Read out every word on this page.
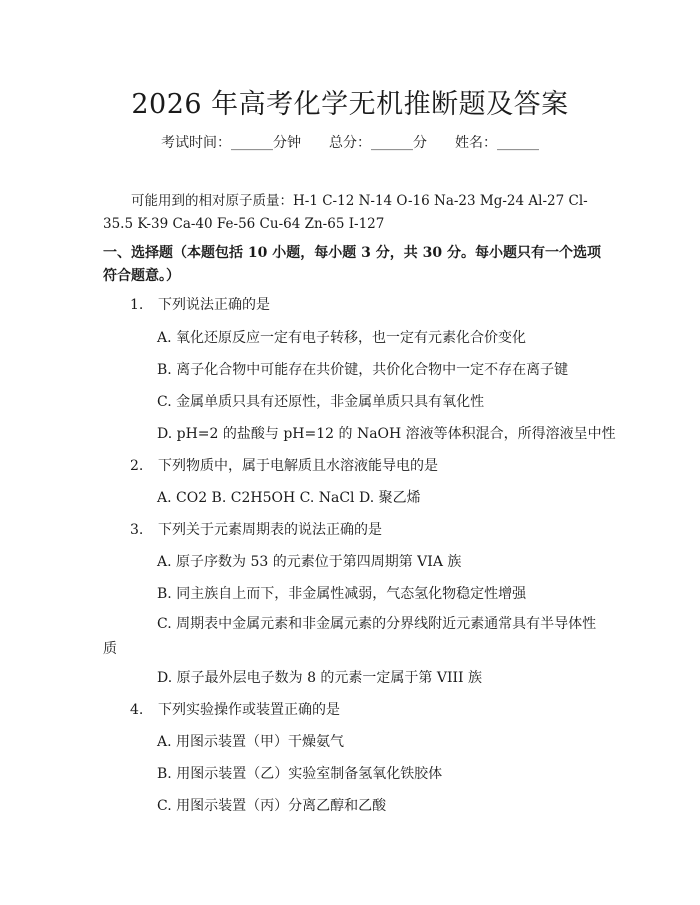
2026 年高考化学无机推断题及答案
考试时间：______分钟 总分：______分 姓名：______
可能用到的相对原子质量：H-1 C-12 N-14 O-16 Na-23 Mg-24 Al-27 Cl-35.5 K-39 Ca-40 Fe-56 Cu-64 Zn-65 I-127
一、选择题（本题包括 10 小题，每小题 3 分，共 30 分。每小题只有一个选项符合题意。）
1. 下列说法正确的是
A. 氧化还原反应一定有电子转移，也一定有元素化合价变化
B. 离子化合物中可能存在共价键，共价化合物中一定不存在离子键
C. 金属单质只具有还原性，非金属单质只具有氧化性
D. pH=2 的盐酸与 pH=12 的 NaOH 溶液等体积混合，所得溶液呈中性
2. 下列物质中，属于电解质且水溶液能导电的是
A. CO2 B. C2H5OH C. NaCl D. 聚乙烯
3. 下列关于元素周期表的说法正确的是
A. 原子序数为 53 的元素位于第四周期第 VIA 族
B. 同主族自上而下，非金属性减弱，气态氢化物稳定性增强
C. 周期表中金属元素和非金属元素的分界线附近元素通常具有半导体性质
D. 原子最外层电子数为 8 的元素一定属于第 VIII 族
4. 下列实验操作或装置正确的是
A. 用图示装置（甲）干燥氨气
B. 用图示装置（乙）实验室制备氢氧化铁胶体
C. 用图示装置（丙）分离乙醇和乙酸
